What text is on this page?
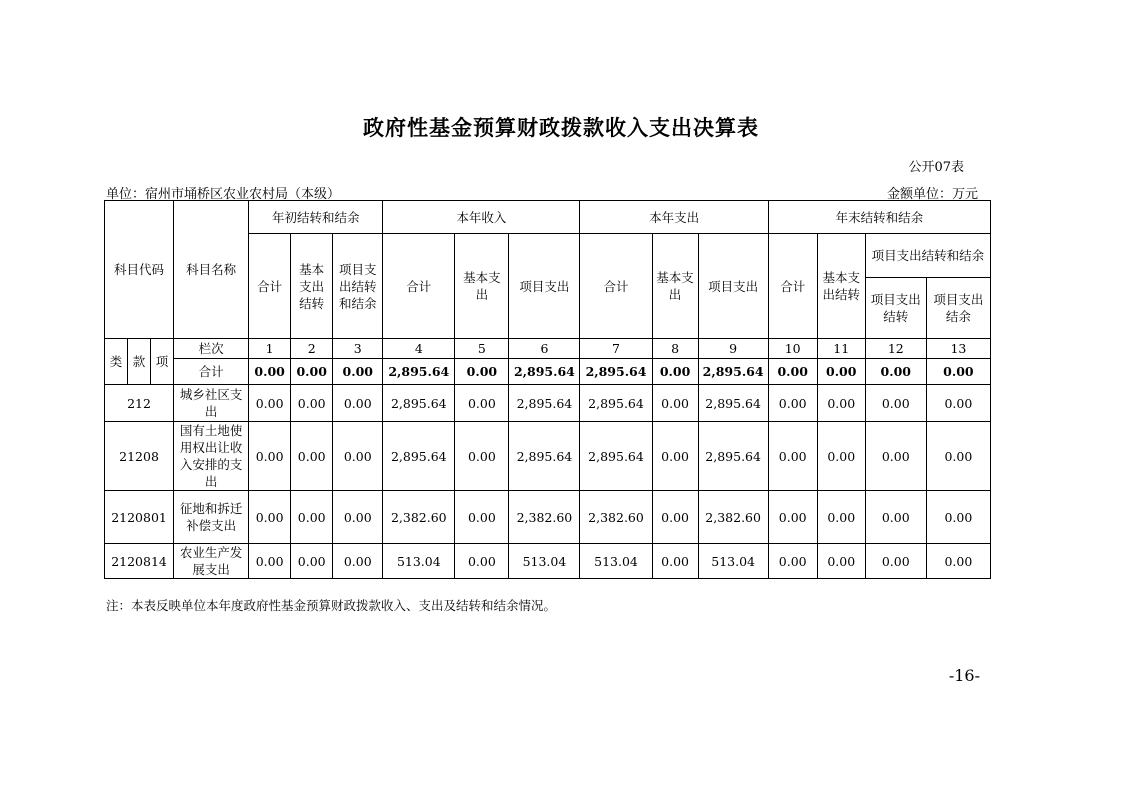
政府性基金预算财政拨款收入支出决算表
公开07表
单位：宿州市埇桥区农业农村局（本级）	金额单位：万元
科目代码			科目名称	年初结转和结余			本年收入			本年支出			年末结转和结余			
				合计	基本支出结转	项目支出结转和结余	合计	基本支出	项目支出	合计	基本支出	项目支出	合计	基本支出结转	项目支出结转和结余	
															项目支出结转	项目支出结余
类	款	项	栏次	1	2	3	4	5	6	7	8	9	10	11	12	13
			合计	0.00	0.00	0.00	2,895.64	0.00	2,895.64	2,895.64	0.00	2,895.64	0.00	0.00	0.00	0.00
212			城乡社区支出	0.00	0.00	0.00	2,895.64	0.00	2,895.64	2,895.64	0.00	2,895.64	0.00	0.00	0.00	0.00
21208			国有土地使用权出让收入安排的支出	0.00	0.00	0.00	2,895.64	0.00	2,895.64	2,895.64	0.00	2,895.64	0.00	0.00	0.00	0.00
2120801			征地和拆迁补偿支出	0.00	0.00	0.00	2,382.60	0.00	2,382.60	2,382.60	0.00	2,382.60	0.00	0.00	0.00	0.00
2120814			农业生产发展支出	0.00	0.00	0.00	513.04	0.00	513.04	513.04	0.00	513.04	0.00	0.00	0.00	0.00
注：本表反映单位本年度政府性基金预算财政拨款收入、支出及结转和结余情况。
-16-
